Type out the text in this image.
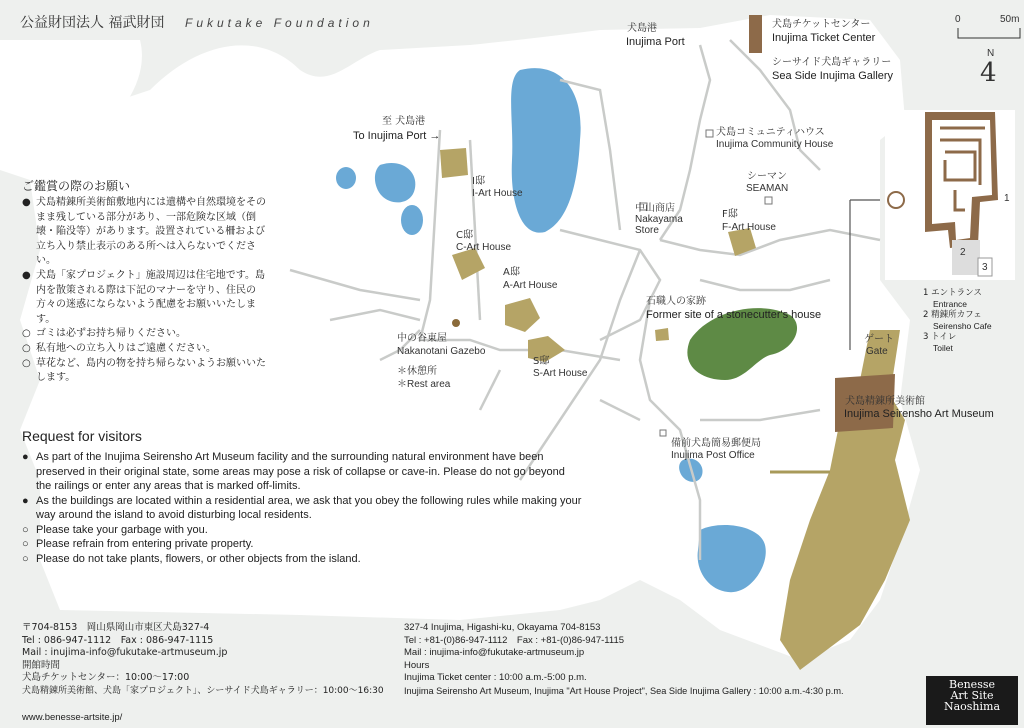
公益財団法人 福武財団 Fukutake Foundation	0	50m
N
4
犬島港
Inujima Port
犬島チケットセンター
Inujima Ticket Center
シーサイド犬島ギャラリー
Sea Side Inujima Gallery
犬島コミュニティハウス
Inujima Community House
シーマン
SEAMAN
至 犬島港
To Inujima Port →
I邸
I-Art House
C邸
C-Art House
A邸
A-Art House
S邸
S-Art House
F邸
F-Art House
中山商店
Nakayama
Store
石職人の家跡
Former site of a stonecutter's house
中の谷東屋
Nakanotani Gazebo
＊休憩所
＊Rest area
ゲート
Gate
犬島精錬所美術館
Inujima Seirensho Art Museum
備前犬島簡易郵便局
Inujima Post Office
1
2
3
1 エントランス
Entrance
2 精錬所カフェ
Seirensho Cafe
3 トイレ
Toilet
ご鑑賞の際のお願い
● 犬島精錬所美術館敷地内には遺構や自然環境をそのまま残している部分があり、一部危険な区域（倒壊・陥没等）があります。設置されている柵および立ち入り禁止表示のある所へは入らないでください。
● 犬島「家プロジェクト」施設周辺は住宅地です。島内を散策される際は下記のマナーを守り、住民の方々の迷惑にならないよう配慮をお願いいたします。
○ ゴミは必ずお持ち帰りください。
○ 私有地への立ち入りはご遠慮ください。
○ 草花など、島内の物を持ち帰らないようお願いいたします。
Request for visitors
● As part of the Inujima Seirensho Art Museum facility and the surrounding natural environment have been preserved in their original state, some areas may pose a risk of collapse or cave-in. Please do not go beyond the railings or enter any areas that is marked off-limits.
● As the buildings are located within a residential area, we ask that you obey the following rules while making your way around the island to avoid disturbing local residents.
○ Please take your garbage with you.
○ Please refrain from entering private property.
○ Please do not take plants, flowers, or other objects from the island.
〒704-8153　岡山県岡山市東区犬島327-4
Tel : 086-947-1112　Fax : 086-947-1115
Mail : inujima-info@fukutake-artmuseum.jp
開館時間
犬島チケットセンター：10:00〜17:00
犬島精錬所美術館、犬島「家プロジェクト」、シーサイド犬島ギャラリー：10:00〜16:30
www.benesse-artsite.jp/
327-4 Inujima, Higashi-ku, Okayama 704-8153
Tel : +81-(0)86-947-1112　Fax : +81-(0)86-947-1115
Mail : inujima-info@fukutake-artmuseum.jp
Hours
Inujima Ticket center : 10:00 a.m.-5:00 p.m.
Inujima Seirensho Art Museum, Inujima "Art House Project", Sea Side Inujima Gallery : 10:00 a.m.-4:30 p.m.	Benesse
Art Site
Naoshima
